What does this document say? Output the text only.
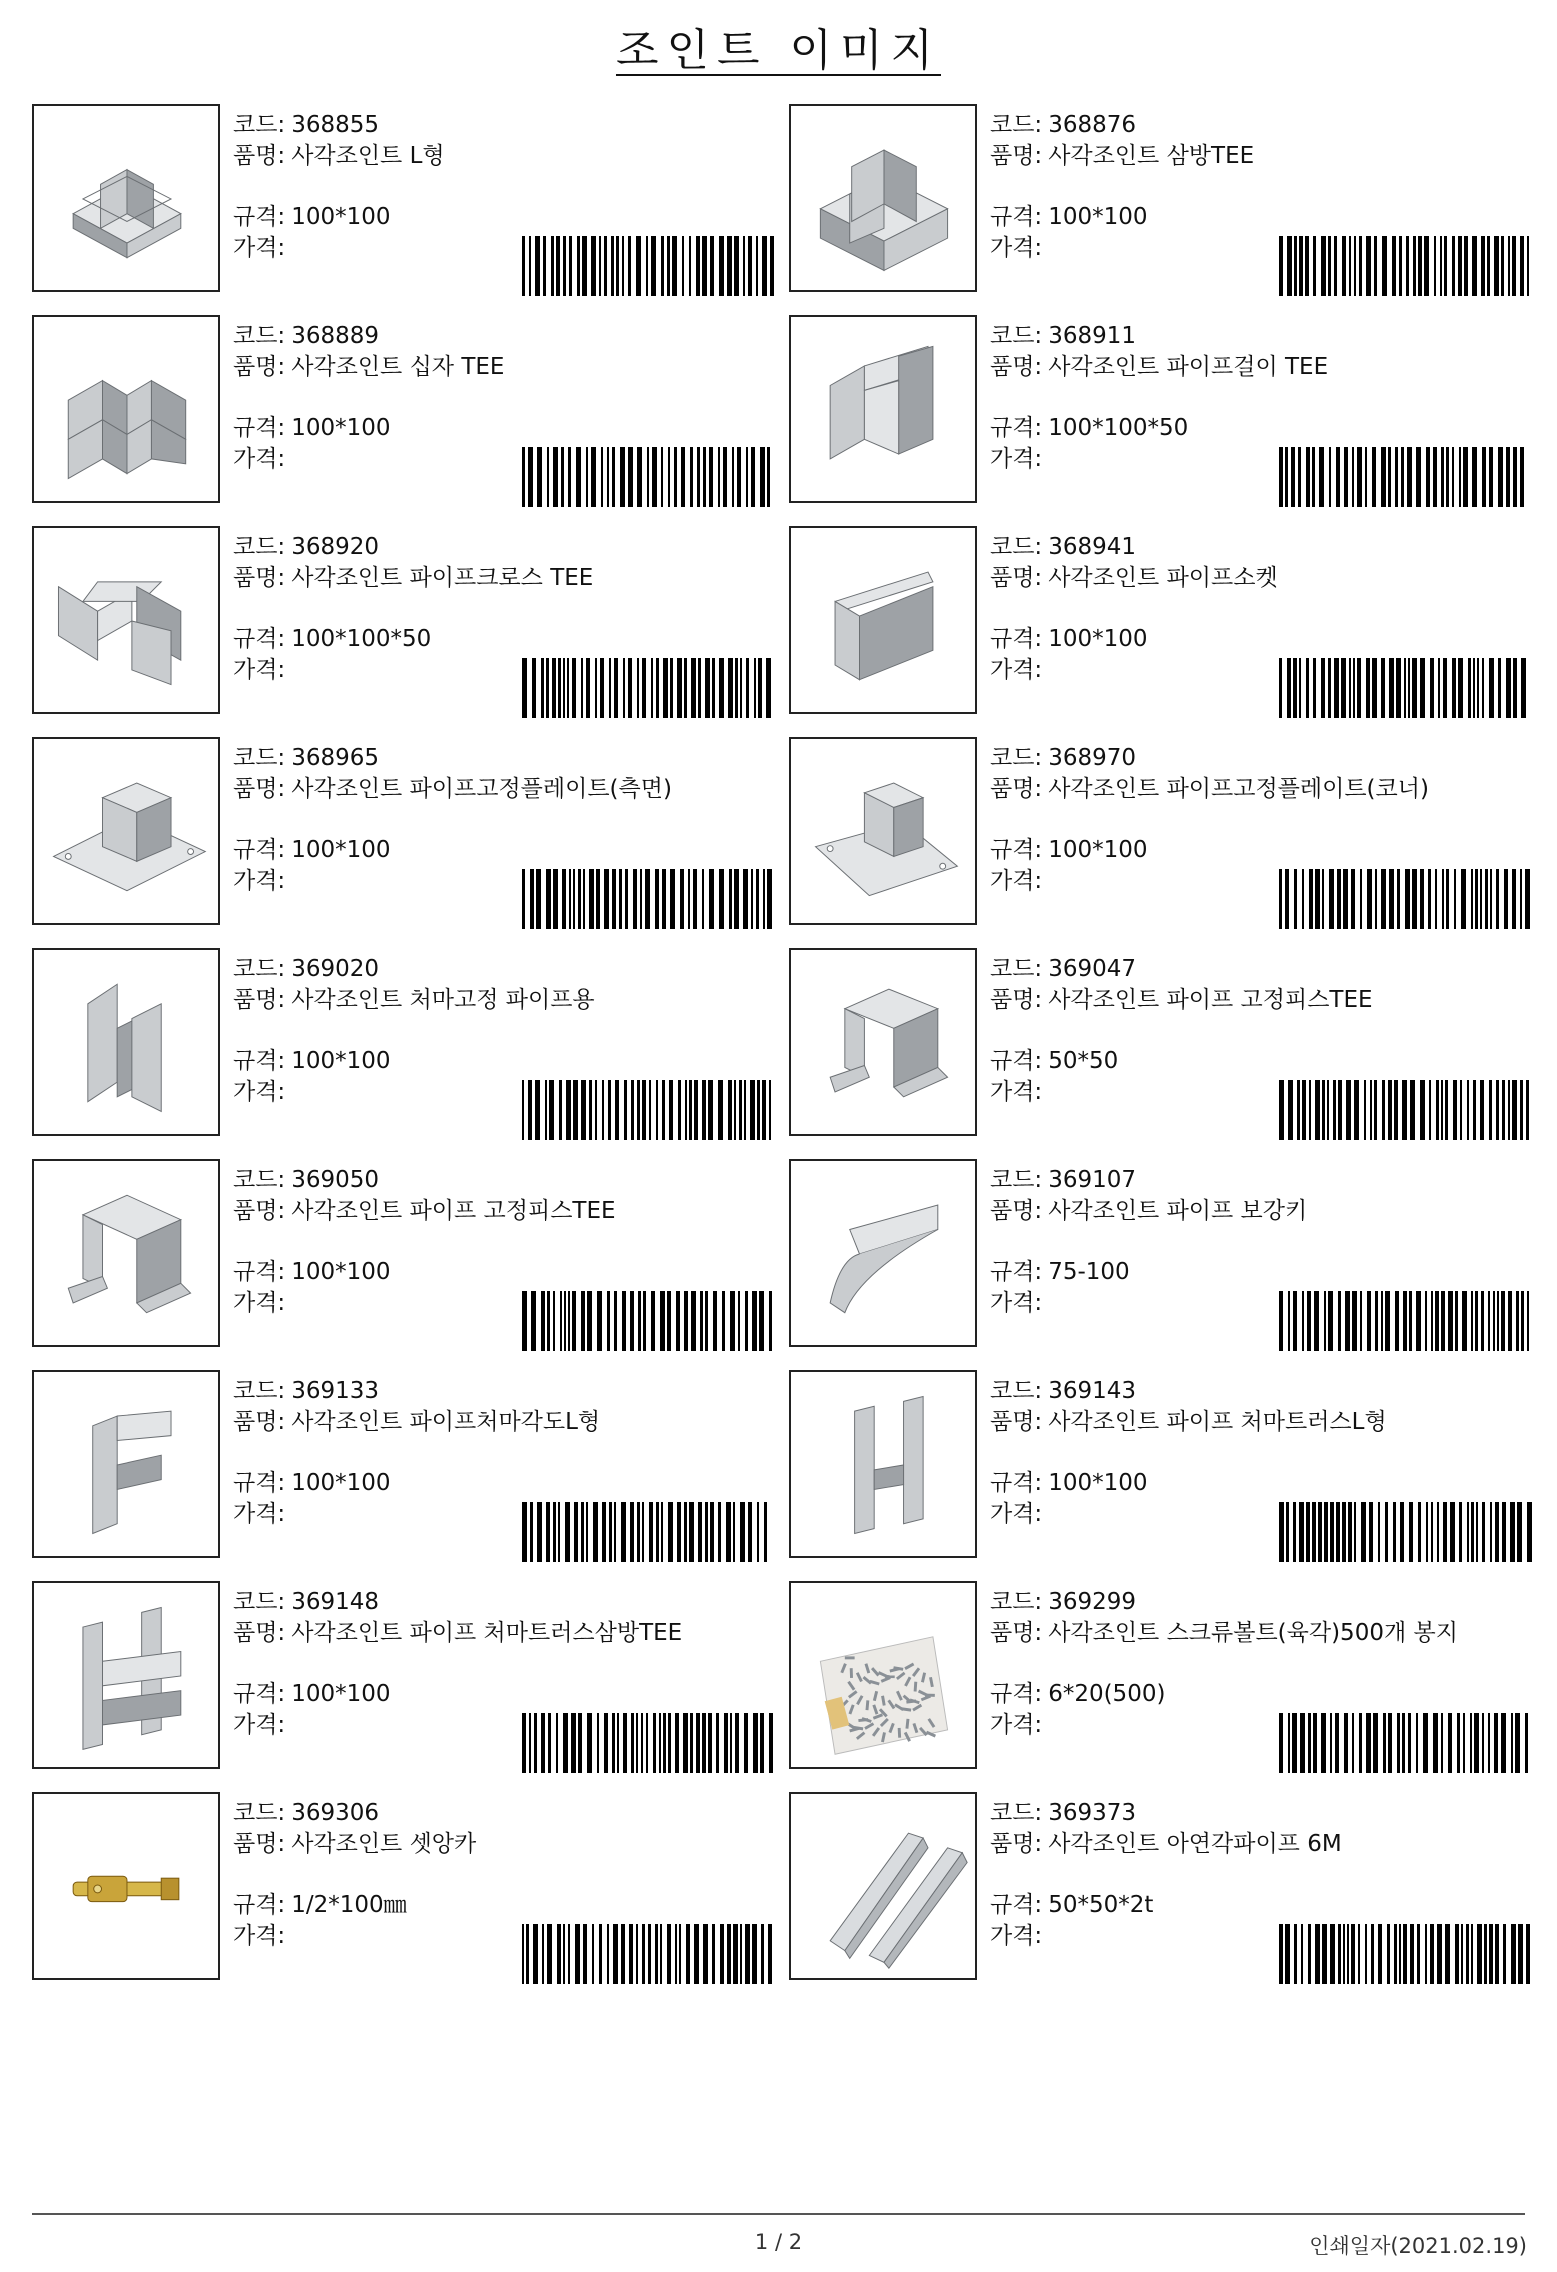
조인트 이미지
코드: 368855
품명: 사각조인트 L형
규격: 100*100
가격:
코드: 368876
품명: 사각조인트 삼방TEE
규격: 100*100
가격:
코드: 368889
품명: 사각조인트 십자 TEE
규격: 100*100
가격:
코드: 368911
품명: 사각조인트 파이프걸이 TEE
규격: 100*100*50
가격:
코드: 368920
품명: 사각조인트 파이프크로스 TEE
규격: 100*100*50
가격:
코드: 368941
품명: 사각조인트 파이프소켓
규격: 100*100
가격:
코드: 368965
품명: 사각조인트 파이프고정플레이트(측면)
규격: 100*100
가격:
코드: 368970
품명: 사각조인트 파이프고정플레이트(코너)
규격: 100*100
가격:
코드: 369020
품명: 사각조인트 처마고정 파이프용
규격: 100*100
가격:
코드: 369047
품명: 사각조인트 파이프 고정피스TEE
규격: 50*50
가격:
코드: 369050
품명: 사각조인트 파이프 고정피스TEE
규격: 100*100
가격:
코드: 369107
품명: 사각조인트 파이프 보강키
규격: 75-100
가격:
코드: 369133
품명: 사각조인트 파이프처마각도L형
규격: 100*100
가격:
코드: 369143
품명: 사각조인트 파이프 처마트러스L형
규격: 100*100
가격:
코드: 369148
품명: 사각조인트 파이프 처마트러스삼방TEE
규격: 100*100
가격:
코드: 369299
품명: 사각조인트 스크류볼트(육각)500개 봉지
규격: 6*20(500)
가격:
코드: 369306
품명: 사각조인트 셋앙카
규격: 1/2*100㎜
가격:
코드: 369373
품명: 사각조인트 아연각파이프 6M
규격: 50*50*2t
가격:
1 / 2	인쇄일자(2021.02.19)
